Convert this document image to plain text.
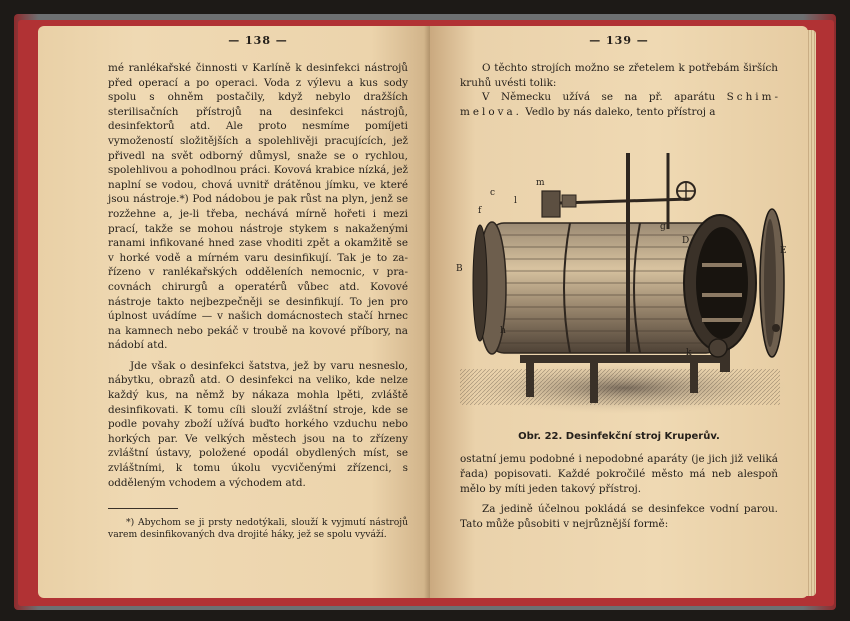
— 138 —

mé ranlékařské činnosti v Karlíně k desinfekci nástrojů před operací a po operaci. Voda z výlevu a kus sody spolu s ohněm postačily, když nebylo dražších sterilisačních přístrojů na desinfekci nástrojů, desinfektorů atd. Ale proto nesmíme pomíjeti vymožeností složitějších a spolehlivěji pracujících, jež přivedl na svět odborný důmysl, snaže se o rychlou, spolehlivou a pohodlnou práci. Kovová krabice nízká, jež naplní se vodou, chová uvnitř drátěnou jímku, ve které jsou nástroje.*) Pod nádobou je pak růst na plyn, jenž se rozžehne a, je-li třeba, nechává mírně hořeti i mezi prací, takže se mohou nástroje stykem s nakaženými ranami infikované hned zase vhoditi zpět a okamžitě se v horké vodě a mírném varu desinfikují. Tak je to zařízeno v ranlékařských odděleních nemocnic, v pracovnách chirurgů a operatérů vůbec atd. Kovové nástroje takto nejbezpečněji se desinfikují. To jen pro úplnost uvádíme — v našich domácnostech stačí hrnec na kamnech nebo pekáč v troubě na kovové příbory, na nádobí atd.

Jde však o desinfekci šatstva, jež by varu nesneslo, nábytku, obrazů atd. O desinfekci na veliko, kde nelze každý kus, na němž by nákaza mohla lpěti, zvláště desinfikovati. K tomu cíli slouží zvláštní stroje, kde se podle povahy zboží užívá buďto horkého vzduchu nebo horkých par. Ve velkých městech jsou na to zřízeny zvláštní ústavy, položené opodál obydlených míst, se zvláštními, k tomu úkolu vycvičenými zřízenci, s odděleným vchodem a východem atd.

*) Abychom se ji prsty nedotýkali, slouží k vyjmutí nástrojů varem desinfikovaných dva drojité háky, jež se spolu vyváží.

— 139 —

O těchto strojích možno se zřetelem k potřebám širších kruhů uvésti tolik:

V Německu užívá se na př. aparátu Schimmelova. Vedlo by nás daleko, tento přístroj a

m
l
f
g
c
B
D
E
h
k
Obr. 22. Desinfekční stroj Kruperův.

ostatní jemu podobné i nepodobné aparáty (je jich již veliká řada) popisovati. Každé pokročilé město má neb alespoň mělo by míti jeden takový přístroj.

Za jedině účelnou pokládá se desinfekce vodní parou. Tato může působiti v nejrůznější formě:
